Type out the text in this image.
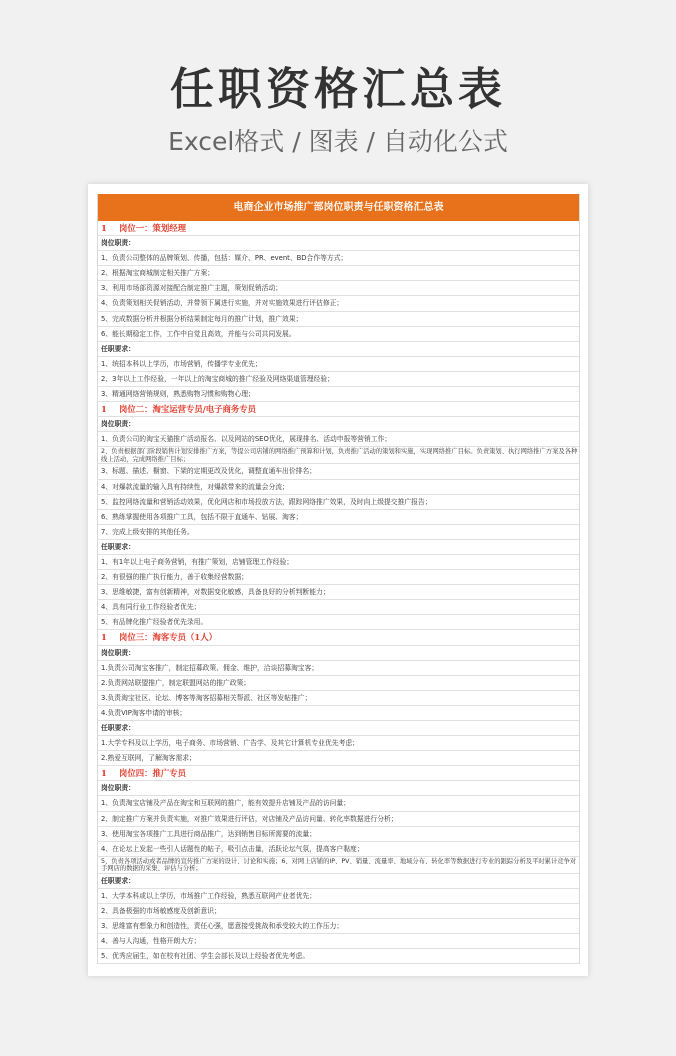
任职资格汇总表
Excel格式 / 图表 / 自动化公式
电商企业市场推广部岗位职责与任职资格汇总表
1 岗位一：策划经理
岗位职责：
1、负责公司整体的品牌策划、传播，包括：媒介、PR、event、BD合作等方式；
2、根据淘宝商城制定相关推广方案；
3、利用市场部资源对接配合制定推广主题，策划促销活动；
4、负责策划相关促销活动，并带领下属进行实施，并对实施效果进行评估修正；
5、完成数据分析并根据分析结果制定每月的推广计划，推广效果；
6、能长期稳定工作，工作中自觉且高效，并能与公司共同发展。
任职要求：
1、统招本科以上学历，市场营销，传播学专业优先；
2、3年以上工作经验，一年以上的淘宝商城的推广经验及网络渠道管理经验；
3、精通网络营销规则，熟悉购物习惯和购物心理；
1 岗位二：淘宝运营专员/电子商务专员
岗位职责：
1、负责公司的淘宝天猫推广活动报名、以及网站的SEO优化，展现排名、活动申报等营销工作；
2、负责根据部门阶段销售计划安排推广方案，等提公司店铺的网络推广预算和计划，负责推广活动的策划和实施，实现网络推广目标。负责策划、执行网络推广方案及各种线上活动，完成网络推广目标；
3、标题、描述、橱窗、下架的定期更改及优化，调整直通车出价排名；
4、对爆款流量的输入具有持续性，对爆款带来的流量会分流；
5、监控网络流量和营销活动效果，优化网店和市场投放方法，跟踪网络推广效果，及时向上级提交推广报告；
6、熟练掌握使用各项推广工具，包括不限于直通车、钻展、淘客；
7、完成上级安排的其他任务。
任职要求：
1、有1年以上电子商务营销，有推广策划，店铺管理工作经验；
2、有很强的推广执行能力，善于收集经营数据；
3、思维敏捷，富有创新精神，对数据变化敏感，具备良好的分析判断能力；
4、具有同行业工作经验者优先；
5、有品牌化推广经验者优先录用。
1 岗位三：淘客专员（1人）
岗位职责：
1.负责公司淘宝客推广，制定招募政策、佣金、维护，洽谈招募淘宝客；
2.负责网站联盟推广，制定联盟网站的推广政策；
3.负责淘宝社区、论坛、博客等淘客招募相关帮派、社区等发帖推广；
4.负责VIP淘客申请的审核；
任职要求：
1.大学专科及以上学历，电子商务、市场营销、广告学、及其它计算机专业优先考虑；
2.熟爱互联网，了解淘客需求；
1 岗位四：推广专员
岗位职责：
1、负责淘宝店铺及产品在淘宝和互联网的推广，能有效提升店铺及产品的访问量；
2、制定推广方案并负责实施，对推广效果进行评估，对店铺及产品访问量、转化率数据进行分析；
3、使用淘宝各项推广工具进行商品推广，达到销售目标所需要的流量；
4、在论坛上发起一些引人话题性的帖子，吸引点击量，活跃论坛气氛，提高客户黏度；
5、负责各项活动或者品牌的宣传推广方案的设计、讨论和实施；6、对网上店铺的IP、PV、销量、流量率、地域分布、转化率等数据进行专业的跟踪分析及平时累计竞争对手网店的数据的采集、评估与分析；
任职要求：
1、大学本科或以上学历，市场推广工作经验，熟悉互联网产业者优先；
2、具备极强的市场敏感度及创新意识；
3、思维富有想象力和创造性，责任心强，愿意接受挑战和承受较大的工作压力；
4、善与人沟通，性格开朗大方；
5、优秀应届生，如在校有社团、学生会部长及以上经验者优先考虑。
